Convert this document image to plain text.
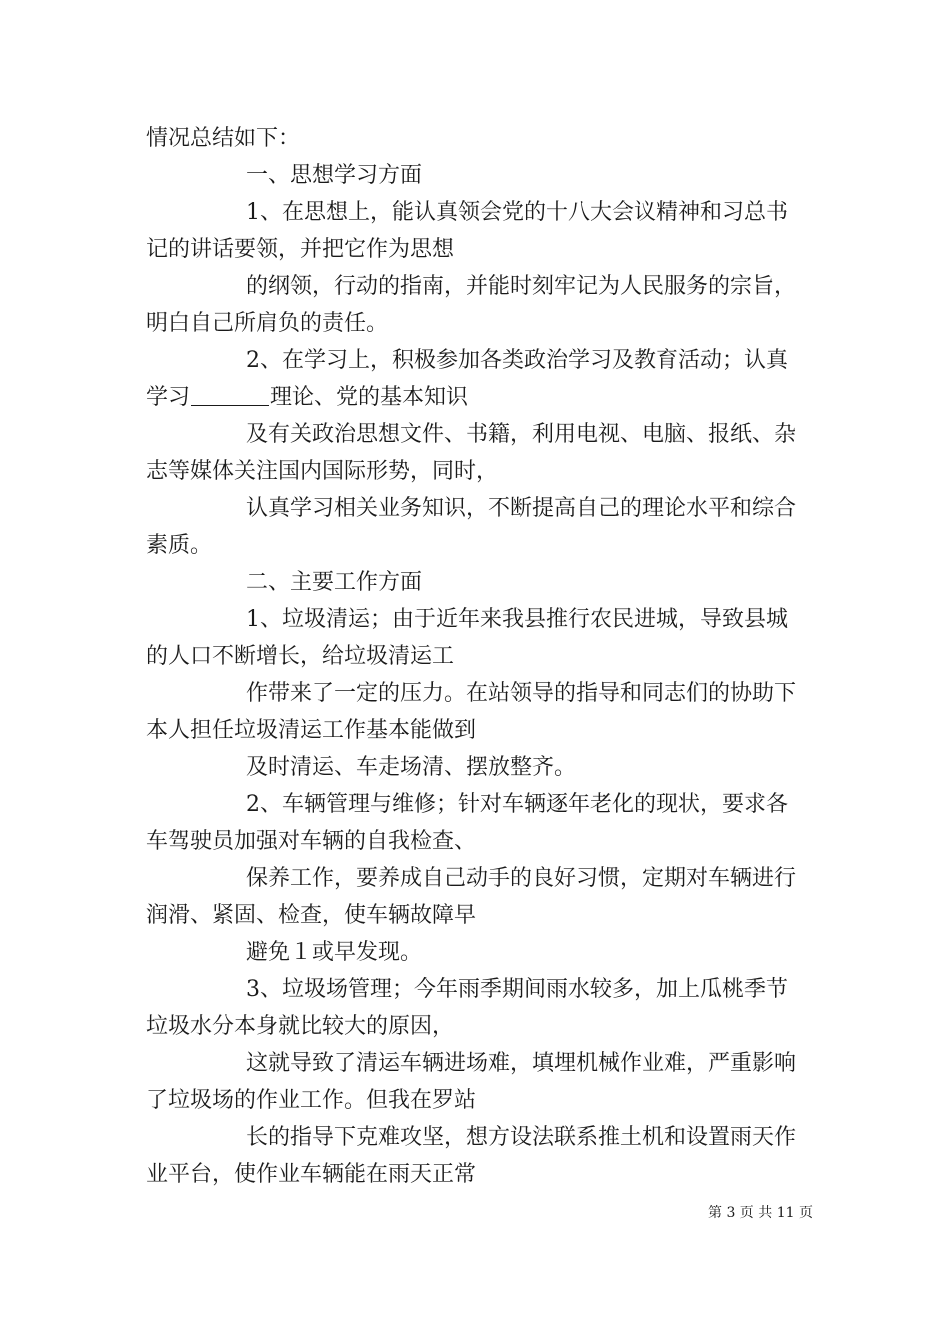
情况总结如下：
一、思想学习方面
1、在思想上，能认真领会党的十八大会议精神和习总书
记的讲话要领，并把它作为思想
的纲领，行动的指南，并能时刻牢记为人民服务的宗旨，
明白自己所肩负的责任。
2、在学习上，积极参加各类政治学习及教育活动；认真
学习	理论、党的基本知识
及有关政治思想文件、书籍，利用电视、电脑、报纸、杂
志等媒体关注国内国际形势，同时，
认真学习相关业务知识，不断提高自己的理论水平和综合
素质。
二、主要工作方面
1、垃圾清运；由于近年来我县推行农民进城，导致县城
的人口不断增长，给垃圾清运工
作带来了一定的压力。在站领导的指导和同志们的协助下
本人担任垃圾清运工作基本能做到
及时清运、车走场清、摆放整齐。
2、车辆管理与维修；针对车辆逐年老化的现状，要求各
车驾驶员加强对车辆的自我检查、
保养工作，要养成自己动手的良好习惯，定期对车辆进行
润滑、紧固、检查，使车辆故障早
避免１或早发现。
3、垃圾场管理；今年雨季期间雨水较多，加上瓜桃季节
垃圾水分本身就比较大的原因，
这就导致了清运车辆进场难，填埋机械作业难，严重影响
了垃圾场的作业工作。但我在罗站
长的指导下克难攻坚，想方设法联系推土机和设置雨天作
业平台，使作业车辆能在雨天正常
第 3 页 共 11 页
